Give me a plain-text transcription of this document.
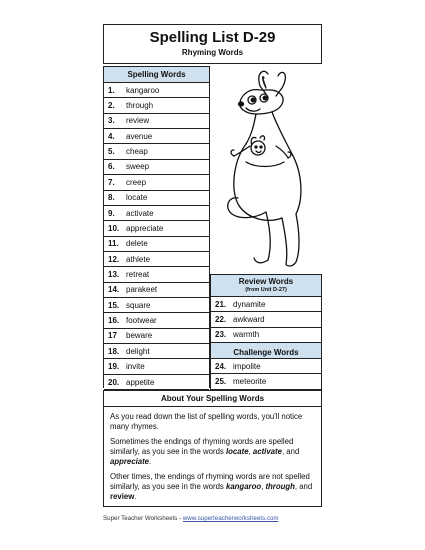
Spelling List D-29
Rhyming Words
Spelling Words
1.	kangaroo
2.	through
3.	review
4.	avenue
5.	cheap
6.	sweep
7.	creep
8.	locate
9.	activate
10. appreciate
11. delete
12. athlete
13. retreat
14. parakeet
15. square
16. footwear
17	beware
18. delight
19. invite
20. appetite
Review Words
(from Unit D-27)
21. dynamite
22. awkward
23. warmth
Challenge Words
24. impolite
25. meteorite
About Your Spelling Words

As you read down the list of spelling words, you'll notice many rhymes.

Sometimes the endings of rhyming words are spelled similarly, as you see in the words locate, activate, and appreciate.

Other times, the endings of rhyming words are not spelled similarly, as you see in the words kangaroo, through, and review.

Super Teacher Worksheets - www.superteacherworksheets.com
